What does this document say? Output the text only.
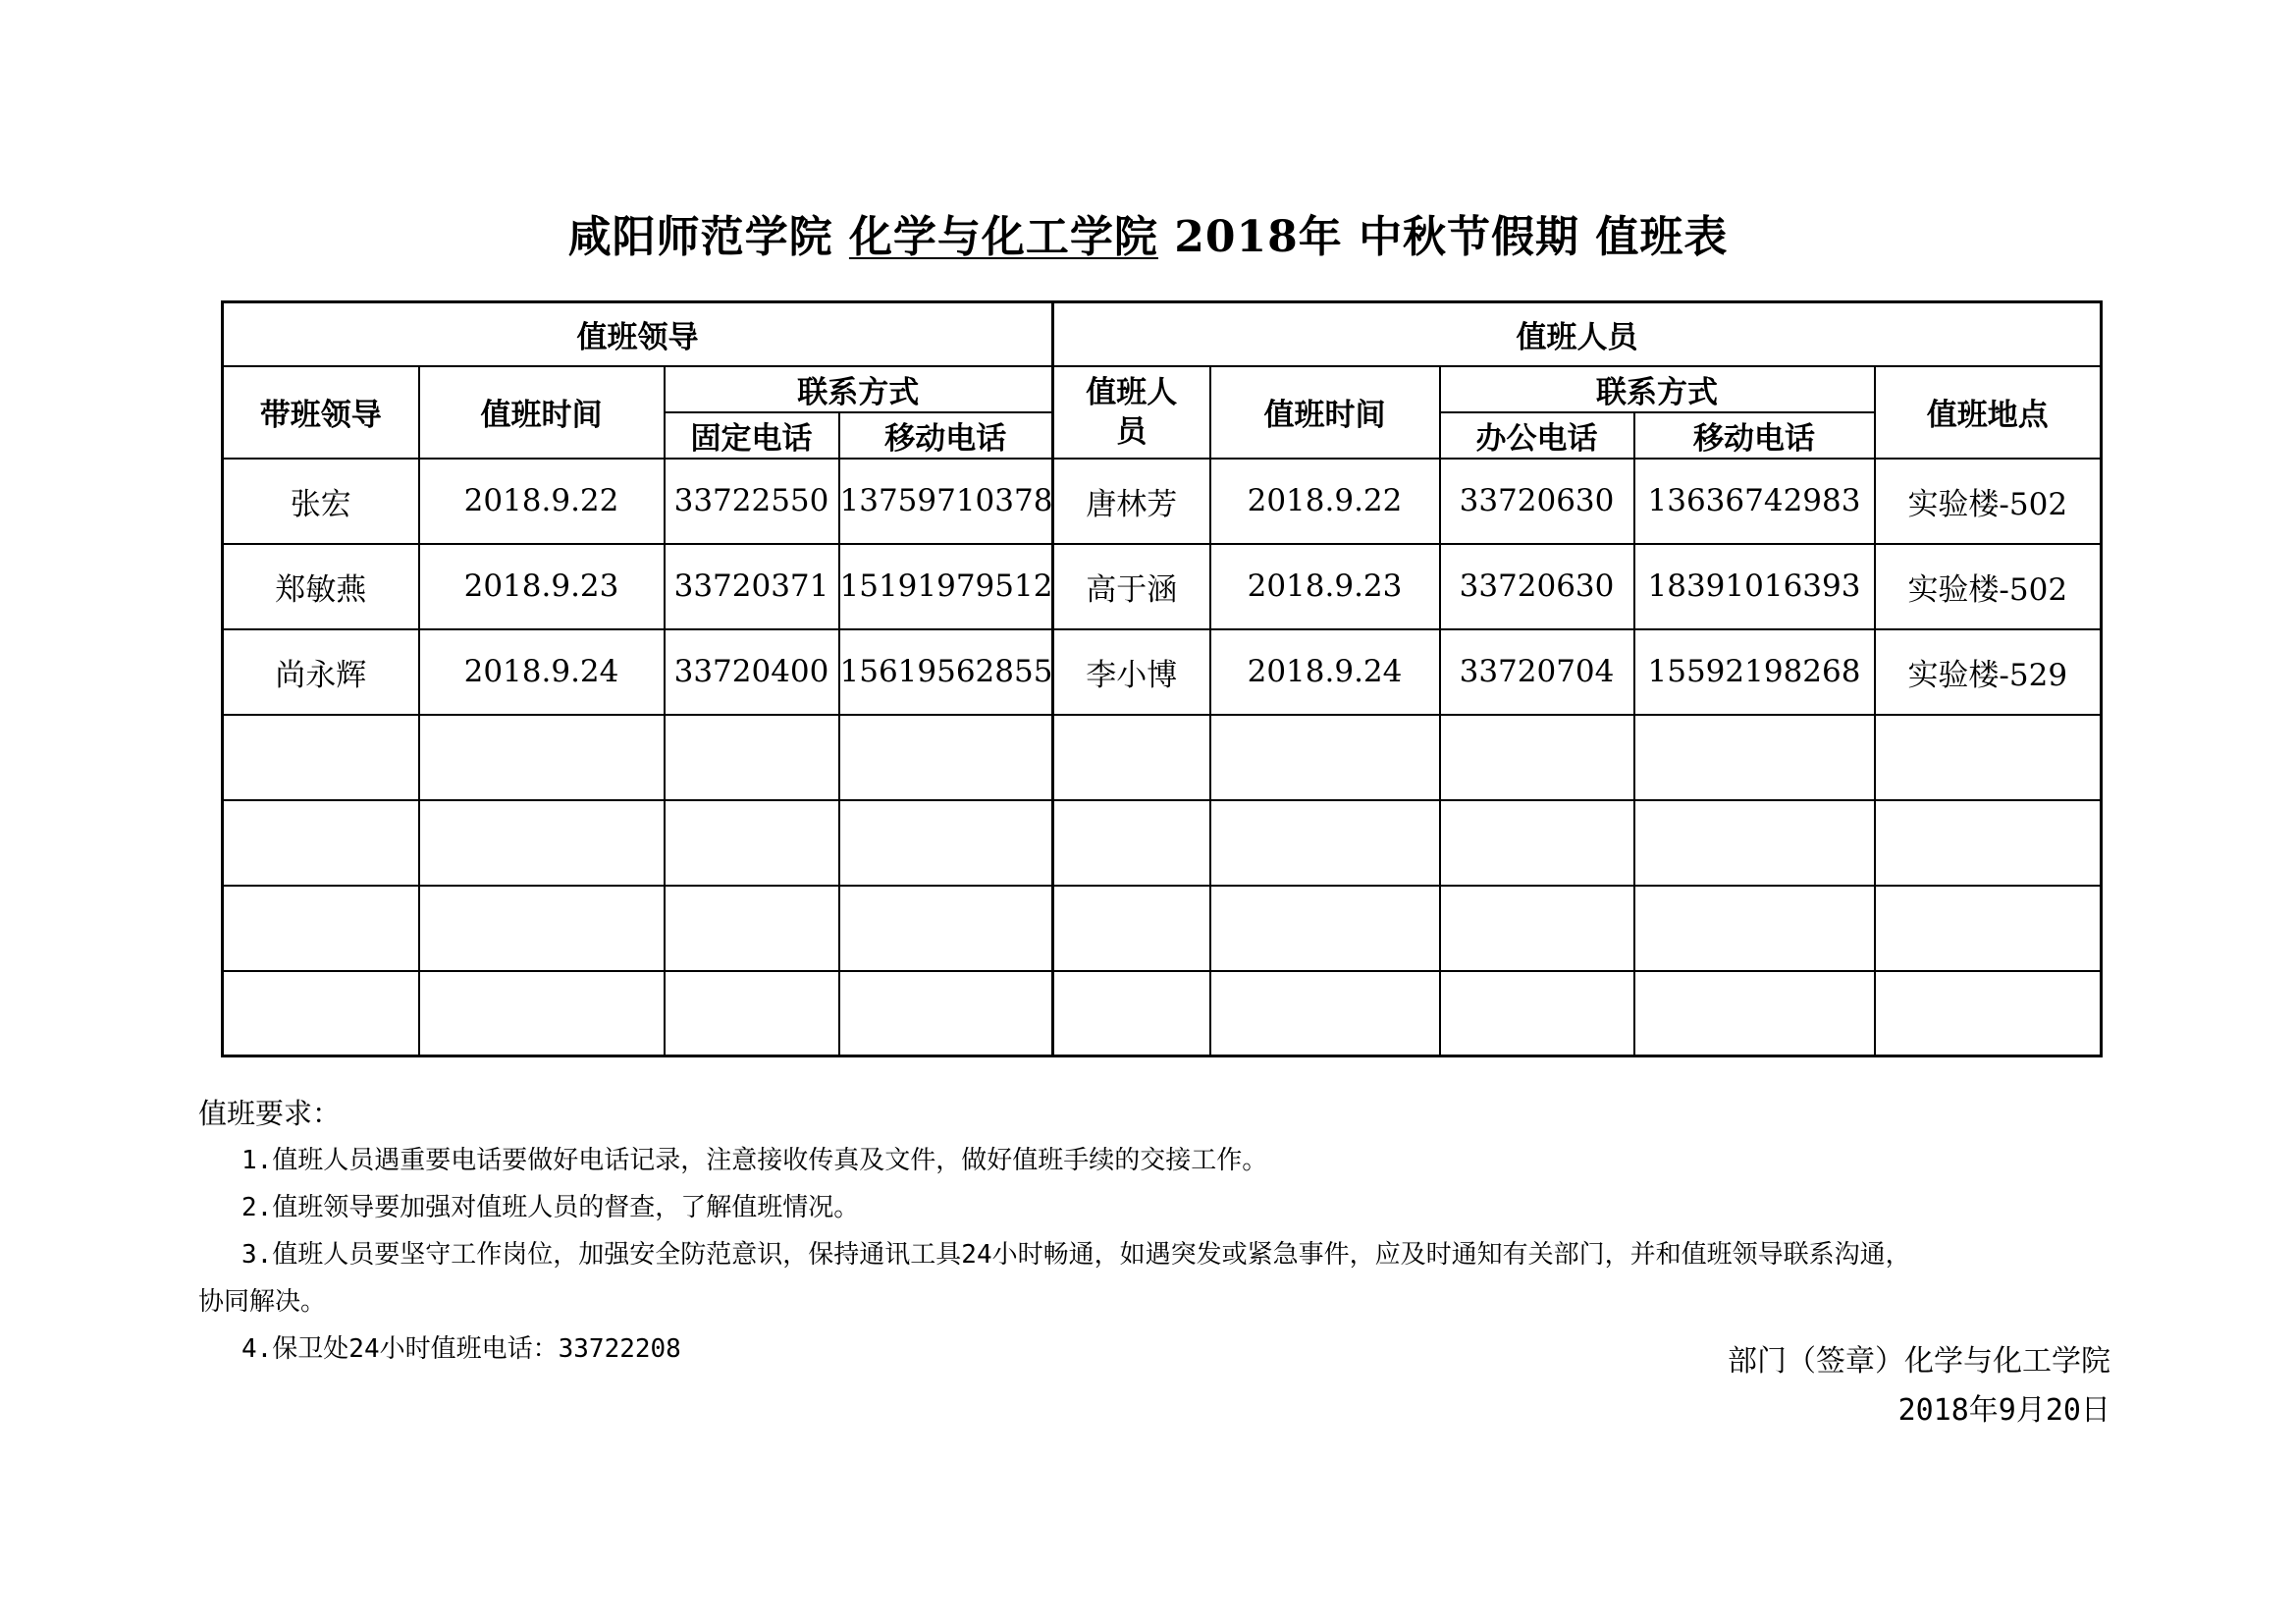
咸阳师范学院 化学与化工学院 2018年 中秋节假期 值班表
值班领导				值班人员				
带班领导	值班时间	联系方式		值班人员	值班时间	联系方式		值班地点
		固定电话	移动电话			办公电话	移动电话	
张宏	2018.9.22	33722550	13759710378	唐林芳	2018.9.22	33720630	13636742983	实验楼-502
郑敏燕	2018.9.23	33720371	15191979512	高于涵	2018.9.23	33720630	18391016393	实验楼-502
尚永辉	2018.9.24	33720400	15619562855	李小博	2018.9.24	33720704	15592198268	实验楼-529

值班要求：
1.值班人员遇重要电话要做好电话记录，注意接收传真及文件，做好值班手续的交接工作。
2.值班领导要加强对值班人员的督查，了解值班情况。
3.值班人员要坚守工作岗位，加强安全防范意识，保持通讯工具24小时畅通，如遇突发或紧急事件，应及时通知有关部门，并和值班领导联系沟通，
协同解决。
4.保卫处24小时值班电话：33722208	部门（签章）化学与化工学院
2018年9月20日
